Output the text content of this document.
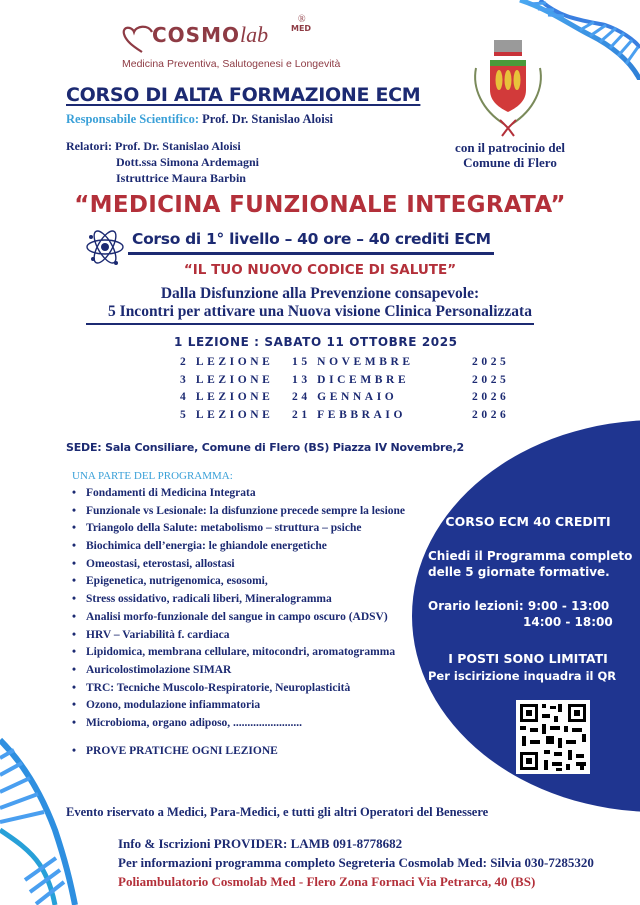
COSMOlab	MED
®
Medicina Preventiva, Salutogenesi e Longevità
CORSO DI ALTA FORMAZIONE ECM
Responsabile Scientifico: Prof. Dr. Stanislao Aloisi
Relatori: Prof. Dr. Stanislao Aloisi
Dott.ssa Simona Ardemagni
Istruttrice Maura Barbin
con il patrocinio del
Comune di Flero
“MEDICINA FUNZIONALE INTEGRATA”
Corso di 1° livello – 40 ore – 40 crediti ECM
“IL TUO NUOVO CODICE DI SALUTE”
Dalla Disfunzione alla Prevenzione consapevole:
5 Incontri per attivare una Nuova visione Clinica Personalizzata
1 LEZIONE : SABATO 11 OTTOBRE 2025
2 LEZIONE	15 NOVEMBRE	2025
3 LEZIONE	13 DICEMBRE	2025
4 LEZIONE	24 GENNAIO	2026
5 LEZIONE	21 FEBBRAIO	2026
SEDE: Sala Consiliare, Comune di Flero (BS) Piazza IV Novembre,2
UNA PARTE DEL PROGRAMMA:
• Fondamenti di Medicina Integrata
• Funzionale vs Lesionale: la disfunzione precede sempre la lesione
• Triangolo della Salute: metabolismo – struttura – psiche
• Biochimica dell’energia: le ghiandole energetiche
• Omeostasi, eterostasi, allostasi
• Epigenetica, nutrigenomica, esosomi,
• Stress ossidativo, radicali liberi, Mineralogramma
• Analisi morfo-funzionale del sangue in campo oscuro (ADSV)
• HRV – Variabilità f. cardiaca
• Lipidomica, membrana cellulare, mitocondri, aromatogramma
• Auricolostimolazione SIMAR
• TRC: Tecniche Muscolo-Respiratorie, Neuroplasticità
• Ozono, modulazione infiammatoria
• Microbioma, organo adiposo, ........................
• PROVE PRATICHE OGNI LEZIONE
CORSO ECM 40 CREDITI
Chiedi il Programma completo
delle 5 giornate formative.
Orario lezioni: 9:00 - 13:00
14:00 - 18:00
I POSTI SONO LIMITATI
Per iscirizione inquadra il QR
Evento riservato a Medici, Para-Medici, e tutti gli altri Operatori del Benessere
Info & Iscrizioni PROVIDER: LAMB 091-8778682
Per informazioni programma completo Segreteria Cosmolab Med: Silvia 030-7285320
Poliambulatorio Cosmolab Med - Flero Zona Fornaci Via Petrarca, 40 (BS)
